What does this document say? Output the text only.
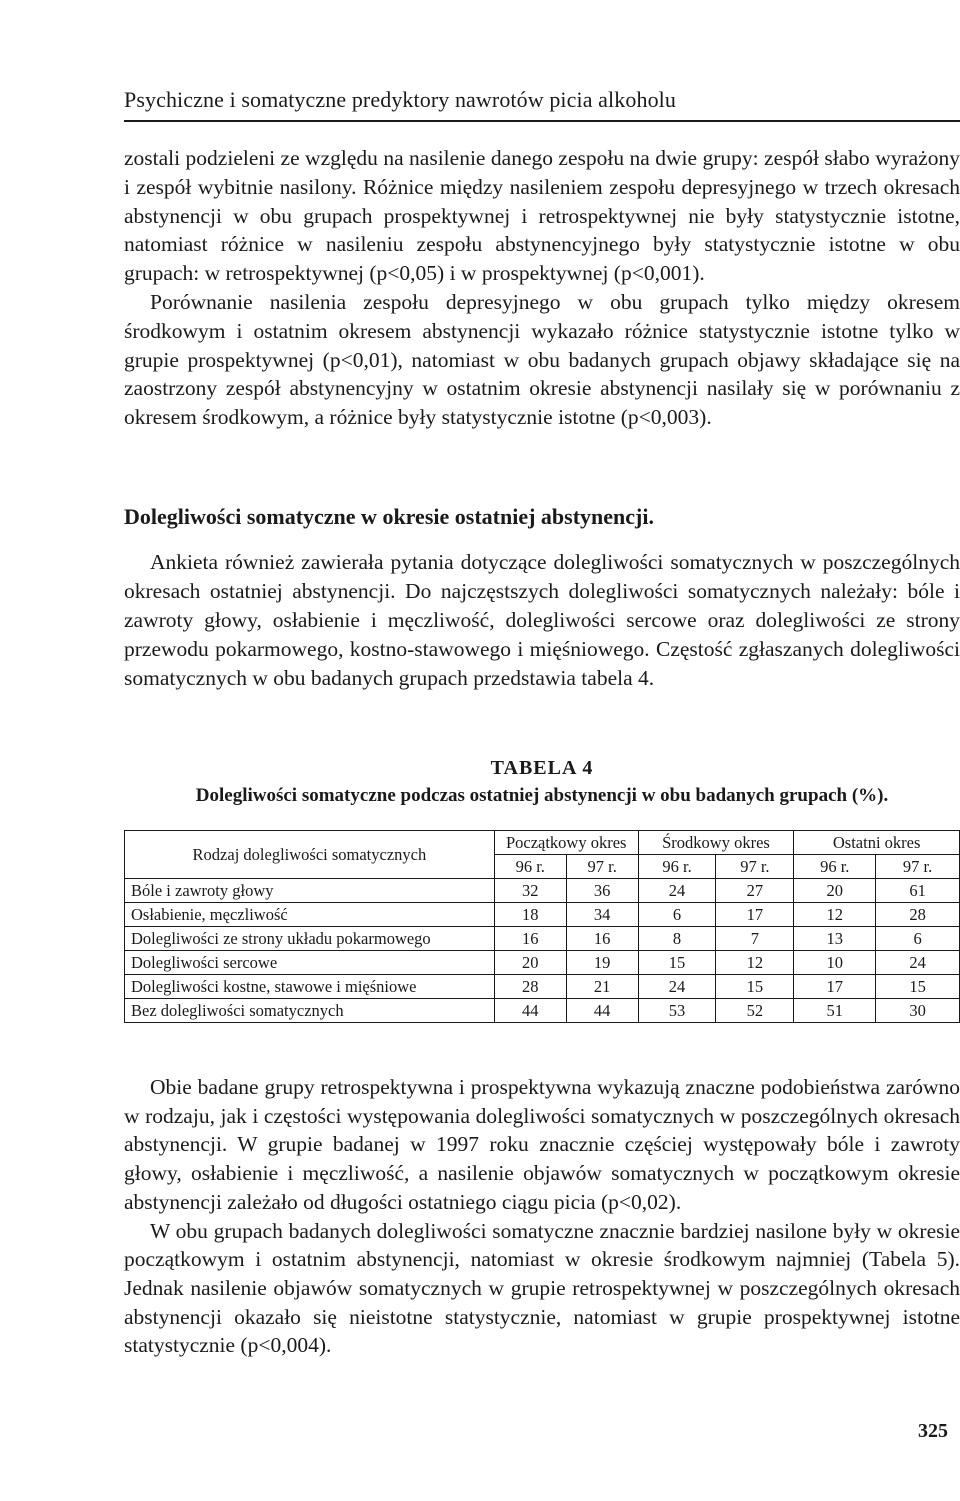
Psychiczne i somatyczne predyktory nawrotów picia alkoholu

zostali podzieleni ze względu na nasilenie danego zespołu na dwie grupy: zespół słabo wyrażony i zespół wybitnie nasilony. Różnice między nasileniem zespołu depresyjnego w trzech okresach abstynencji w obu grupach prospektywnej i retrospektywnej nie były statystycznie istotne, natomiast różnice w nasileniu zespołu abstynencyjnego były statystycznie istotne w obu grupach: w retrospektywnej (p<0,05) i w prospektywnej (p<0,001).

Porównanie nasilenia zespołu depresyjnego w obu grupach tylko między okresem środkowym i ostatnim okresem abstynencji wykazało różnice statystycznie istotne tylko w grupie prospektywnej (p<0,01), natomiast w obu badanych grupach objawy składające się na zaostrzony zespół abstynencyjny w ostatnim okresie abstynencji nasilały się w porównaniu z okresem środkowym, a różnice były statystycznie istotne (p<0,003).

Dolegliwości somatyczne w okresie ostatniej abstynencji.

Ankieta również zawierała pytania dotyczące dolegliwości somatycznych w poszczególnych okresach ostatniej abstynencji. Do najczęstszych dolegliwości somatycznych należały: bóle i zawroty głowy, osłabienie i męczliwość, dolegliwości sercowe oraz dolegliwości ze strony przewodu pokarmowego, kostno-stawowego i mięśniowego. Częstość zgłaszanych dolegliwości somatycznych w obu badanych grupach przedstawia tabela 4.

TABELA 4
Dolegliwości somatyczne podczas ostatniej abstynencji w obu badanych grupach (%).
Rodzaj dolegliwości somatycznych	Początkowy okres		Środkowy okres		Ostatni okres	
	96 r.	97 r.	96 r.	97 r.	96 r.	97 r.
Bóle i zawroty głowy	32	36	24	27	20	61
Osłabienie, męczliwość	18	34	6	17	12	28
Dolegliwości ze strony układu pokarmowego	16	16	8	7	13	6
Dolegliwości sercowe	20	19	15	12	10	24
Dolegliwości kostne, stawowe i mięśniowe	28	21	24	15	17	15
Bez dolegliwości somatycznych	44	44	53	52	51	30

Obie badane grupy retrospektywna i prospektywna wykazują znaczne podobieństwa zarówno w rodzaju, jak i częstości występowania dolegliwości somatycznych w poszczególnych okresach abstynencji. W grupie badanej w 1997 roku znacznie częściej występowały bóle i zawroty głowy, osłabienie i męczliwość, a nasilenie objawów somatycznych w początkowym okresie abstynencji zależało od długości ostatniego ciągu picia (p<0,02).

W obu grupach badanych dolegliwości somatyczne znacznie bardziej nasilone były w okresie początkowym i ostatnim abstynencji, natomiast w okresie środkowym najmniej (Tabela 5). Jednak nasilenie objawów somatycznych w grupie retrospektywnej w poszczególnych okresach abstynencji okazało się nieistotne statystycznie, natomiast w grupie prospektywnej istotne statystycznie (p<0,004).

325
